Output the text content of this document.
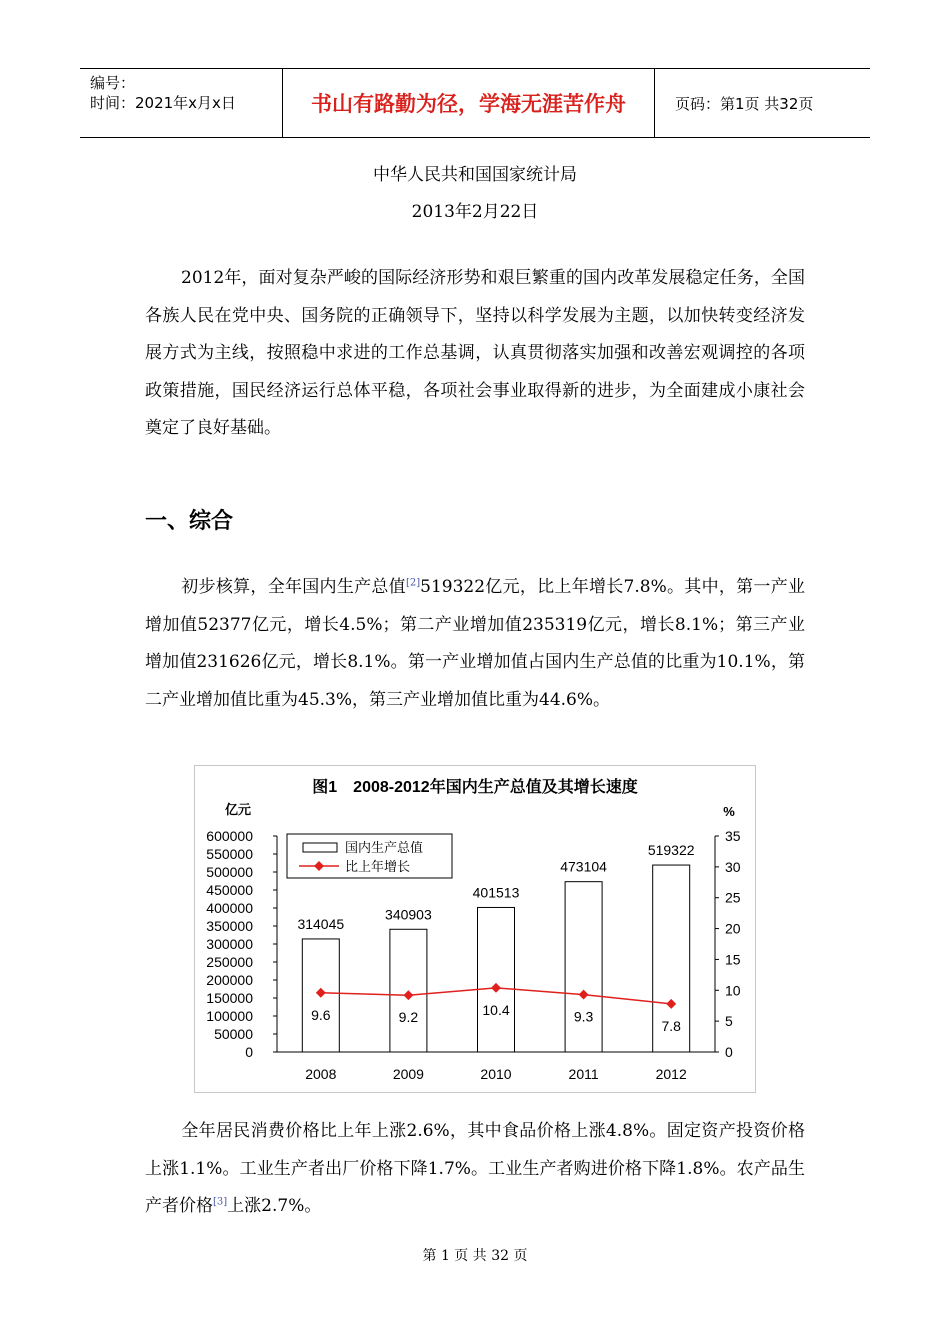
编号：
时间：2021年x月x日	书山有路勤为径，学海无涯苦作舟	页码：第1页 共32页
中华人民共和国国家统计局
2013年2月22日
2012年，面对复杂严峻的国际经济形势和艰巨繁重的国内改革发展稳定任务，全国各族人民在党中央、国务院的正确领导下，坚持以科学发展为主题，以加快转变经济发展方式为主线，按照稳中求进的工作总基调，认真贯彻落实加强和改善宏观调控的各项政策措施，国民经济运行总体平稳，各项社会事业取得新的进步，为全面建成小康社会奠定了良好基础。
一、综合
初步核算，全年国内生产总值[2]519322亿元，比上年增长7.8%。其中，第一产业增加值52377亿元，增长4.5%；第二产业增加值235319亿元，增长8.1%；第三产业增加值231626亿元，增长8.1%。第一产业增加值占国内生产总值的比重为10.1%，第二产业增加值比重为45.3%，第三产业增加值比重为44.6%。
图1　2008-2012年国内生产总值及其增长速度
亿元	%
0
50000
100000
150000
200000
250000
300000
350000
400000
450000
500000
550000
600000
0
5
10
15
20
25
30
35
314045
2008
340903
2009
401513
2010
473104
2011
519322
2012
9.6	9.2	10.4	9.3
7.8
国内生产总值
比上年增长
全年居民消费价格比上年上涨2.6%，其中食品价格上涨4.8%。固定资产投资价格上涨1.1%。工业生产者出厂价格下降1.7%。工业生产者购进价格下降1.8%。农产品生产者价格[3]上涨2.7%。
第 1 页 共 32 页
